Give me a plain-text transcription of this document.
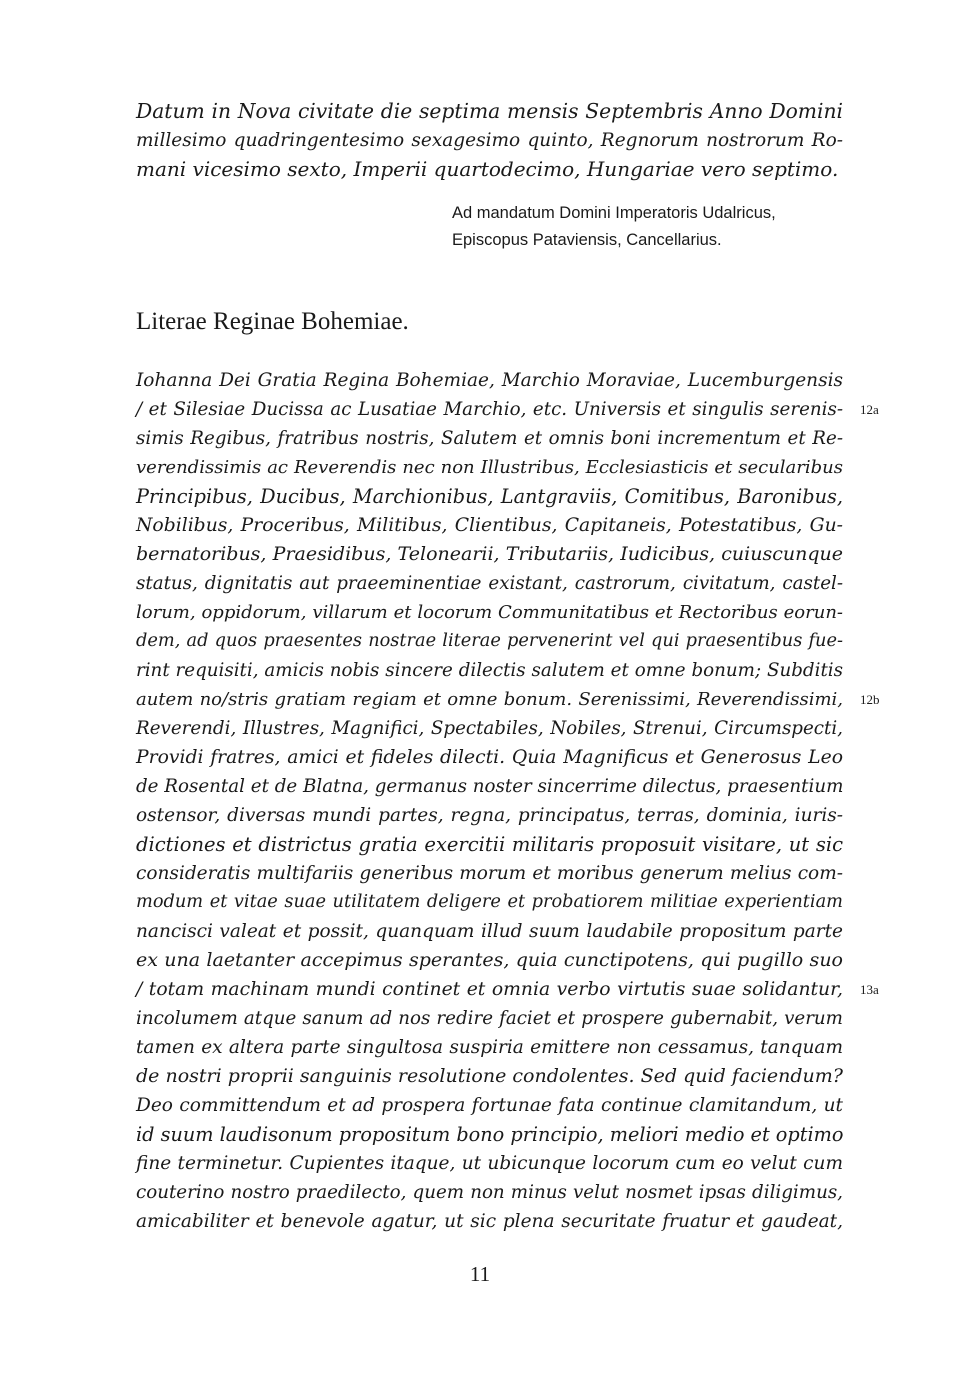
Datum in Nova civitate die septima mensis Septembris Anno Domini
millesimo quadringentesimo sexagesimo quinto, Regnorum nostrorum Ro-
mani vicesimo sexto, Imperii quartodecimo, Hungariae vero septimo.
Ad mandatum Domini Imperatoris Udalricus,
Episcopus Pataviensis, Cancellarius.
Literae Reginae Bohemiae.
Iohanna Dei Gratia Regina Bohemiae, Marchio Moraviae, Lucemburgensis
/ et Silesiae Ducissa ac Lusatiae Marchio, etc. Universis et singulis serenis-
simis Regibus, fratribus nostris, Salutem et omnis boni incrementum et Re-
verendissimis ac Reverendis nec non Illustribus, Ecclesiasticis et secularibus
Principibus, Ducibus, Marchionibus, Lantgraviis, Comitibus, Baronibus,
Nobilibus, Proceribus, Militibus, Clientibus, Capitaneis, Potestatibus, Gu-
bernatoribus, Praesidibus, Telonearii, Tributariis, Iudicibus, cuiuscunque
status, dignitatis aut praeeminentiae existant, castrorum, civitatum, castel-
lorum, oppidorum, villarum et locorum Communitatibus et Rectoribus eorun-
dem, ad quos praesentes nostrae literae pervenerint vel qui praesentibus fue-
rint requisiti, amicis nobis sincere dilectis salutem et omne bonum; Subditis
autem no/stris gratiam regiam et omne bonum. Serenissimi, Reverendissimi,
Reverendi, Illustres, Magnifici, Spectabiles, Nobiles, Strenui, Circumspecti,
Providi fratres, amici et fideles dilecti. Quia Magnificus et Generosus Leo
de Rosental et de Blatna, germanus noster sincerrime dilectus, praesentium
ostensor, diversas mundi partes, regna, principatus, terras, dominia, iuris-
dictiones et districtus gratia exercitii militaris proposuit visitare, ut sic
consideratis multifariis generibus morum et moribus generum melius com-
modum et vitae suae utilitatem deligere et probatiorem militiae experientiam
nancisci valeat et possit, quanquam illud suum laudabile propositum parte
ex una laetanter accepimus sperantes, quia cunctipotens, qui pugillo suo
/ totam machinam mundi continet et omnia verbo virtutis suae solidantur,
incolumem atque sanum ad nos redire faciet et prospere gubernabit, verum
tamen ex altera parte singultosa suspiria emittere non cessamus, tanquam
de nostri proprii sanguinis resolutione condolentes. Sed quid faciendum?
Deo committendum et ad prospera fortunae fata continue clamitandum, ut
id suum laudisonum propositum bono principio, meliori medio et optimo
fine terminetur. Cupientes itaque, ut ubicunque locorum cum eo velut cum
couterino nostro praedilecto, quem non minus velut nosmet ipsas diligimus,
amicabiliter et benevole agatur, ut sic plena securitate fruatur et gaudeat,
12a
12b
13a
11
